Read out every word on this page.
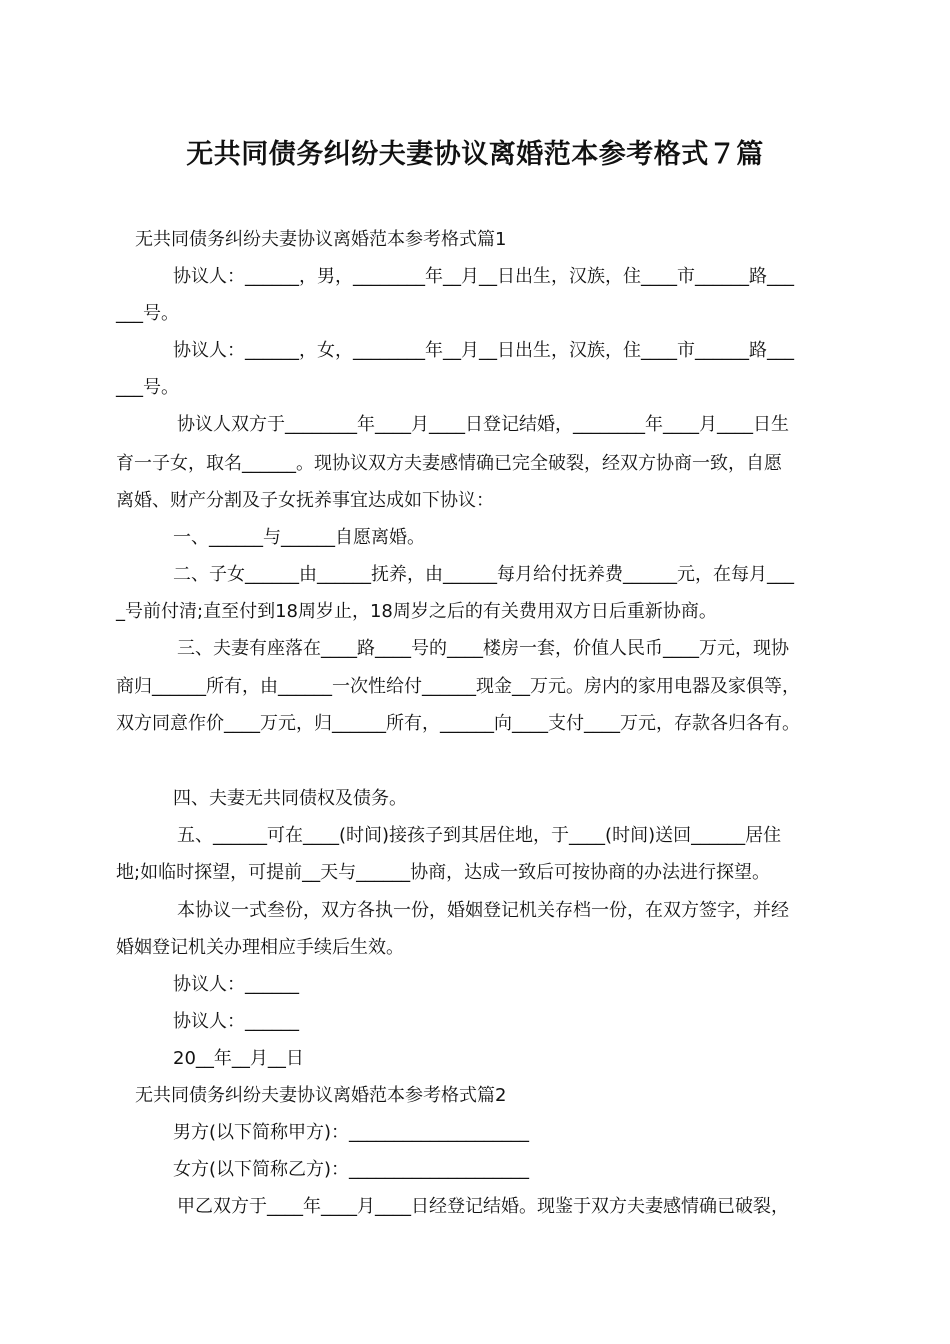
无共同债务纠纷夫妻协议离婚范本参考格式７篇
无共同债务纠纷夫妻协议离婚范本参考格式篇1
协议人：______，男，________年__月__日出生，汉族，住____市______路___
___号。
协议人：______，女，________年__月__日出生，汉族，住____市______路___
___号。
协议人双方于________年____月____日登记结婚，________年____月____日生
育一子女，取名______。现协议双方夫妻感情确已完全破裂，经双方协商一致，自愿
离婚、财产分割及子女抚养事宜达成如下协议：
一、______与______自愿离婚。
二、子女______由______抚养，由______每月给付抚养费______元，在每月___
_号前付清;直至付到18周岁止，18周岁之后的有关费用双方日后重新协商。
三、夫妻有座落在____路____号的____楼房一套，价值人民币____万元，现协
商归______所有，由______一次性给付______现金__万元。房内的家用电器及家俱等，
双方同意作价____万元，归______所有，______向____支付____万元，存款各归各有。
四、夫妻无共同债权及债务。
五、______可在____(时间)接孩子到其居住地，于____(时间)送回______居住
地;如临时探望，可提前__天与______协商，达成一致后可按协商的办法进行探望。
本协议一式叁份，双方各执一份，婚姻登记机关存档一份，在双方签字，并经
婚姻登记机关办理相应手续后生效。
协议人：______
协议人：______
20__年__月__日
无共同债务纠纷夫妻协议离婚范本参考格式篇2
男方(以下简称甲方)：____________________
女方(以下简称乙方)：____________________
甲乙双方于____年____月____日经登记结婚。现鉴于双方夫妻感情确已破裂，
